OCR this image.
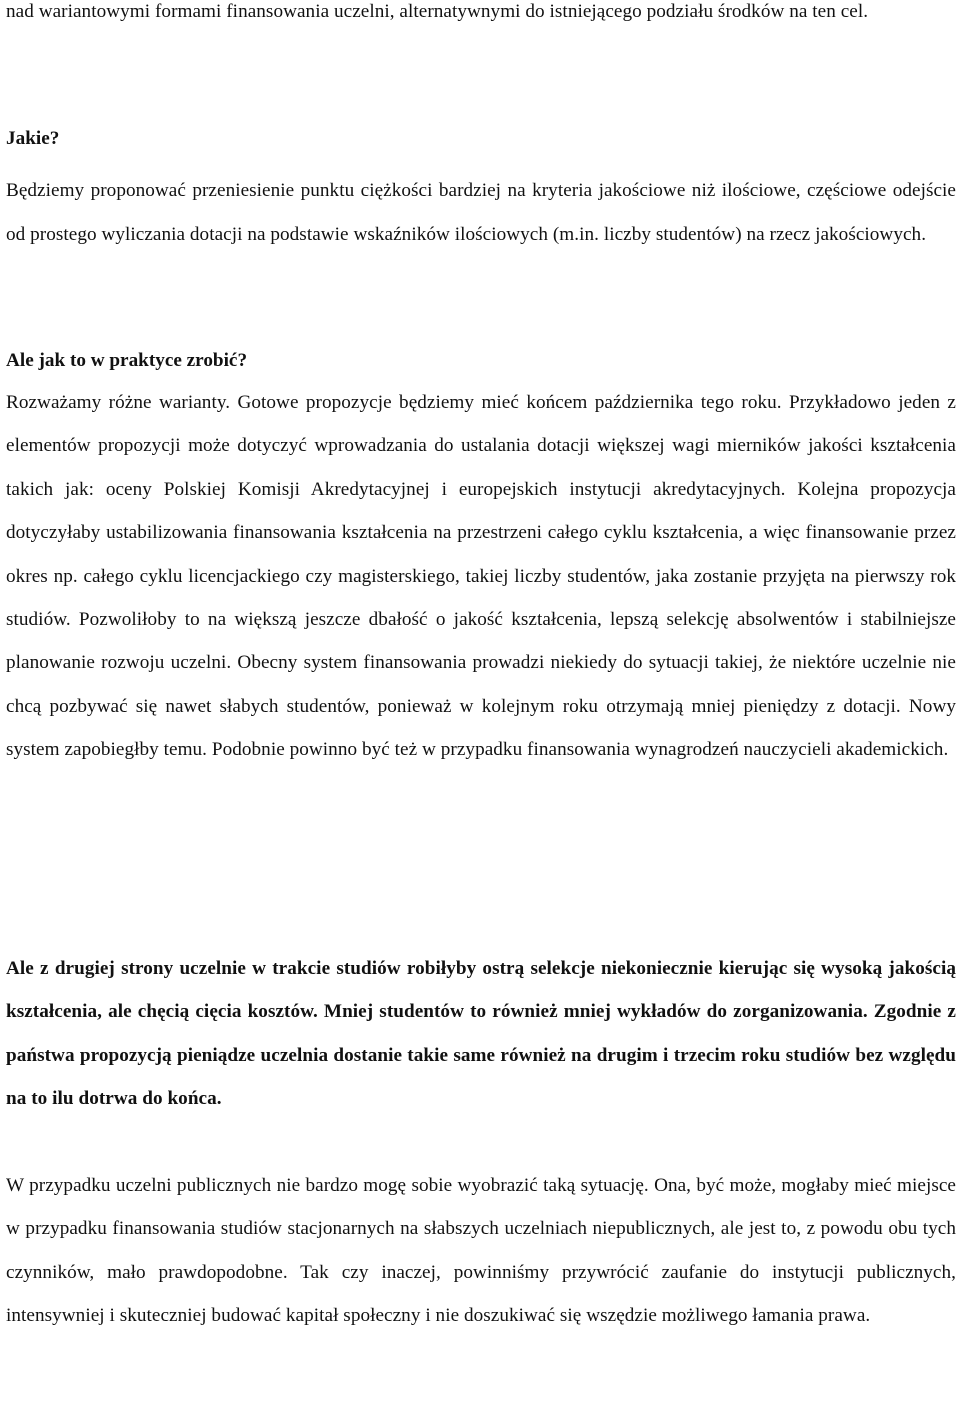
nad wariantowymi formami finansowania uczelni, alternatywnymi do istniejącego podziału środków na ten cel.

Jakie?

Będziemy proponować przeniesienie punktu ciężkości bardziej na kryteria jakościowe niż ilościowe, częściowe odejście od prostego wyliczania dotacji na podstawie wskaźników ilościowych (m.in. liczby studentów) na rzecz jakościowych.

Ale jak to w praktyce zrobić?

Rozważamy różne warianty. Gotowe propozycje będziemy mieć końcem października tego roku. Przykładowo jeden z elementów propozycji może dotyczyć wprowadzania do ustalania dotacji większej wagi mierników jakości kształcenia takich jak: oceny Polskiej Komisji Akredytacyjnej i europejskich instytucji akredytacyjnych. Kolejna propozycja dotyczyłaby ustabilizowania finansowania kształcenia na przestrzeni całego cyklu kształcenia, a więc finansowanie przez okres np. całego cyklu licencjackiego czy magisterskiego, takiej liczby studentów, jaka zostanie przyjęta na pierwszy rok studiów. Pozwoliłoby to na większą jeszcze dbałość o jakość kształcenia, lepszą selekcję absolwentów i stabilniejsze planowanie rozwoju uczelni. Obecny system finansowania prowadzi niekiedy do sytuacji takiej, że niektóre uczelnie nie chcą pozbywać się nawet słabych studentów, ponieważ w kolejnym roku otrzymają mniej pieniędzy z dotacji. Nowy system zapobiegłby temu. Podobnie powinno być też w przypadku finansowania wynagrodzeń nauczycieli akademickich.

Ale z drugiej strony uczelnie w trakcie studiów robiłyby ostrą selekcje niekoniecznie kierując się wysoką jakością kształcenia, ale chęcią cięcia kosztów. Mniej studentów to również mniej wykładów do zorganizowania. Zgodnie z państwa propozycją pieniądze uczelnia dostanie takie same również na drugim i trzecim roku studiów bez względu na to ilu dotrwa do końca.

W przypadku uczelni publicznych nie bardzo mogę sobie wyobrazić taką sytuację. Ona, być może, mogłaby mieć miejsce w przypadku finansowania studiów stacjonarnych na słabszych uczelniach niepublicznych, ale jest to, z powodu obu tych czynników, mało prawdopodobne. Tak czy inaczej, powinniśmy przywrócić zaufanie do instytucji publicznych, intensywniej i skuteczniej budować kapitał społeczny i nie doszukiwać się wszędzie możliwego łamania prawa.
